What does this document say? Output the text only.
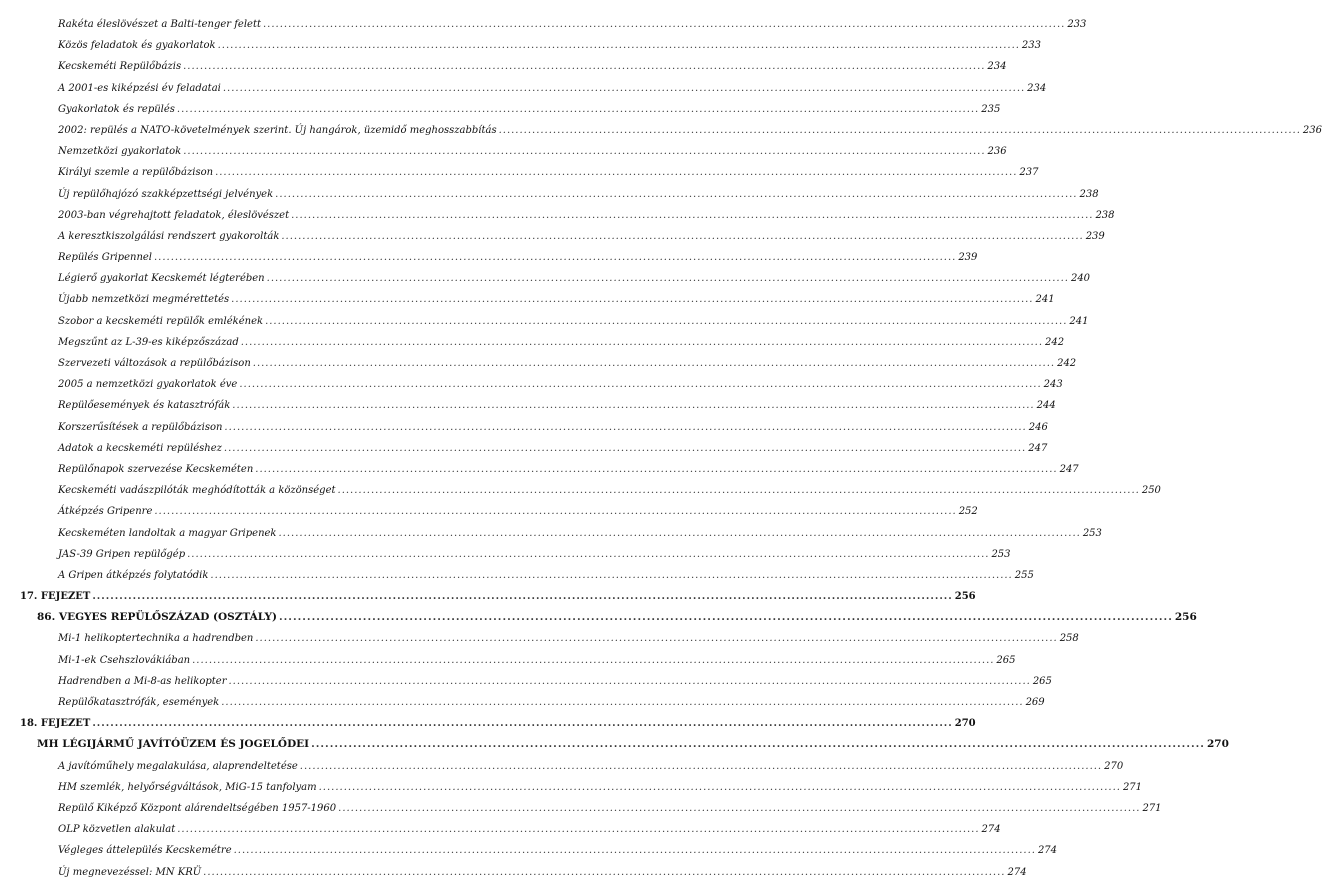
Rakéta éleslövészet a Balti-tenger felett .....	233
Közös feladatok és gyakorlatok .....	233
Kecskeméti Repülőbázis .....	234
A 2001-es kiképzési év feladatai .....	234
Gyakorlatok és repülés .....	235
2002: repülés a NATO-követelmények szerint. Új hangárok, üzemidő meghosszabbítás .....	236
Nemzetközi gyakorlatok .....	236
Királyi szemle a repülőbázison .....	237
Új repülőhajózó szakképzettségi jelvények .....	238
2003-ban végrehajtott feladatok, éleslövészet .....	238
A keresztkiszolgálási rendszert gyakorolták .....	239
Repülés Gripennel .....	239
Légierő gyakorlat Kecskemét légterében .....	240
Újabb nemzetközi megmérettetés .....	241
Szobor a kecskeméti repülők emlékének .....	241
Megszűnt az L-39-es kiképzőszázad .....	242
Szervezeti változások a repülőbázison .....	242
2005 a nemzetközi gyakorlatok éve .....	243
Repülőesemények és katasztrófák .....	244
Korszerűsítések a repülőbázison .....	246
Adatok a kecskeméti repüléshez .....	247
Repülőnapok szervezése Kecskeméten .....	247
Kecskeméti vadászpilóták meghódították a közönséget .....	250
Átképzés Gripenre .....	252
Kecskeméten landoltak a magyar Gripenek .....	253
JAS-39 Gripen repülőgép .....	253
A Gripen átképzés folytatódik .....	255
17. FEJEZET .....	256
86. VEGYES REPÜLŐSZÁZAD (OSZTÁLY) .....	256
Mi-1 helikoptertechnika a hadrendben .....	258
Mi-1-ek Csehszlovákiában .....	265
Hadrendben a Mi-8-as helikopter .....	265
Repülőkatasztrófák, események .....	269
18. FEJEZET .....	270
MH LÉGIJÁRMŰ JAVÍTÓÜZEM ÉS JOGELŐDEI .....	270
A javítóműhely megalakulása, alaprendeltetése .....	270
HM szemlék, helyőrségváltások, MiG-15 tanfolyam .....	271
Repülő Kiképző Központ alárendeltségében 1957-1960 .....	271
OLP közvetlen alakulat .....	274
Végleges áttelepülés Kecskemétre .....	274
Új megnevezéssel: MN KRÜ .....	274
